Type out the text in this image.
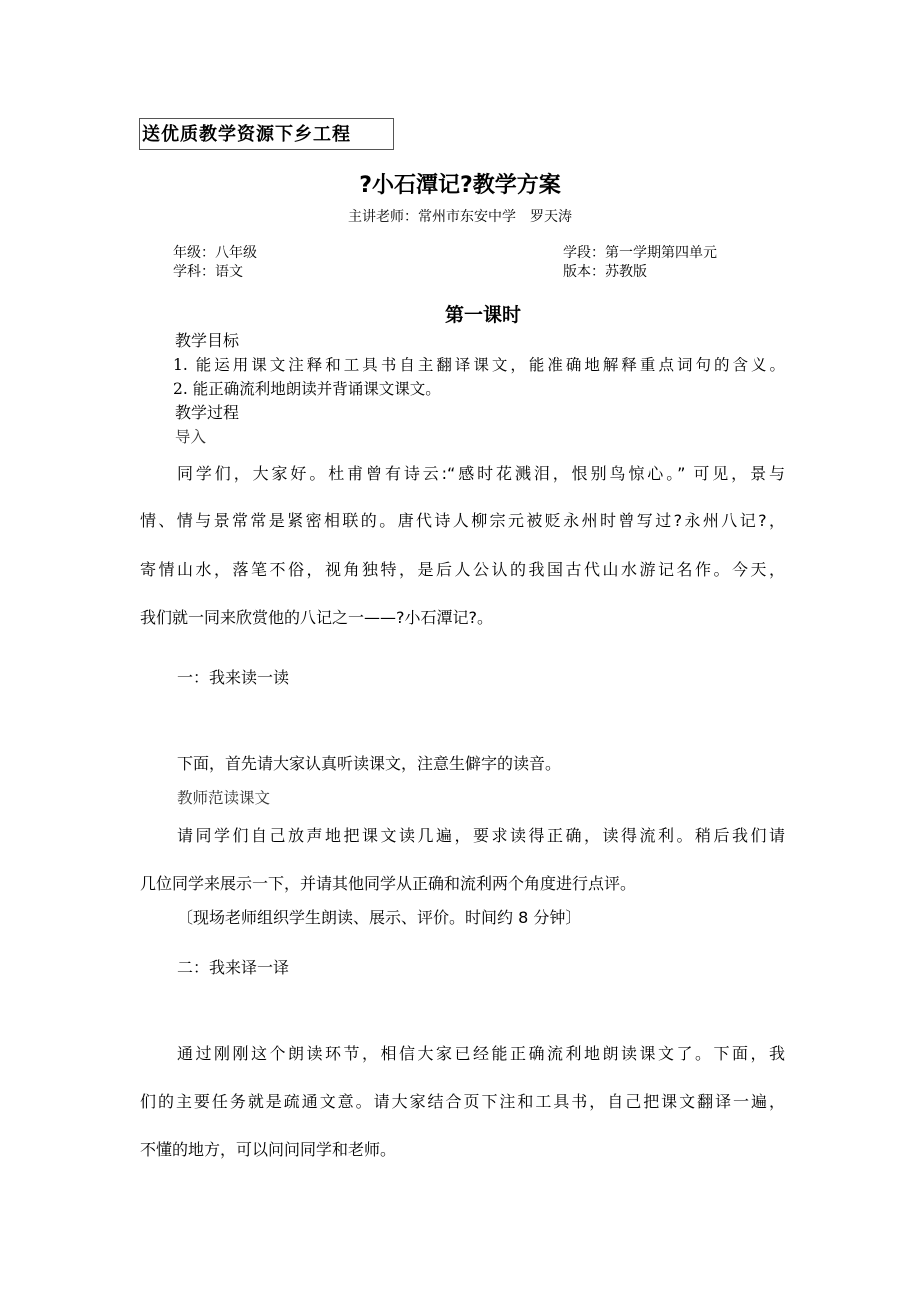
送优质教学资源下乡工程
?小石潭记?教学方案
主讲老师：常州市东安中学　罗天涛
年级：八年级
学科：语文
学段：第一学期第四单元
版本：苏教版
第一课时
教学目标
1. 能运用课文注释和工具书自主翻译课文，能准确地解释重点词句的含义。
2. 能正确流利地朗读并背诵课文课文。
教学过程
导入
同学们，大家好。杜甫曾有诗云:“感时花溅泪，恨别鸟惊心。” 可见，景与
情、情与景常常是紧密相联的。唐代诗人柳宗元被贬永州时曾写过?永州八记?，
寄情山水，落笔不俗，视角独特，是后人公认的我国古代山水游记名作。今天，
我们就一同来欣赏他的八记之一——?小石潭记?。
一：我来读一读
下面，首先请大家认真听读课文，注意生僻字的读音。
教师范读课文
请同学们自己放声地把课文读几遍，要求读得正确，读得流利。稍后我们请
几位同学来展示一下，并请其他同学从正确和流利两个角度进行点评。
〔现场老师组织学生朗读、展示、评价。时间约 8 分钟〕
二：我来译一译
通过刚刚这个朗读环节，相信大家已经能正确流利地朗读课文了。下面，我
们的主要任务就是疏通文意。请大家结合页下注和工具书，自己把课文翻译一遍，
不懂的地方，可以问问同学和老师。
